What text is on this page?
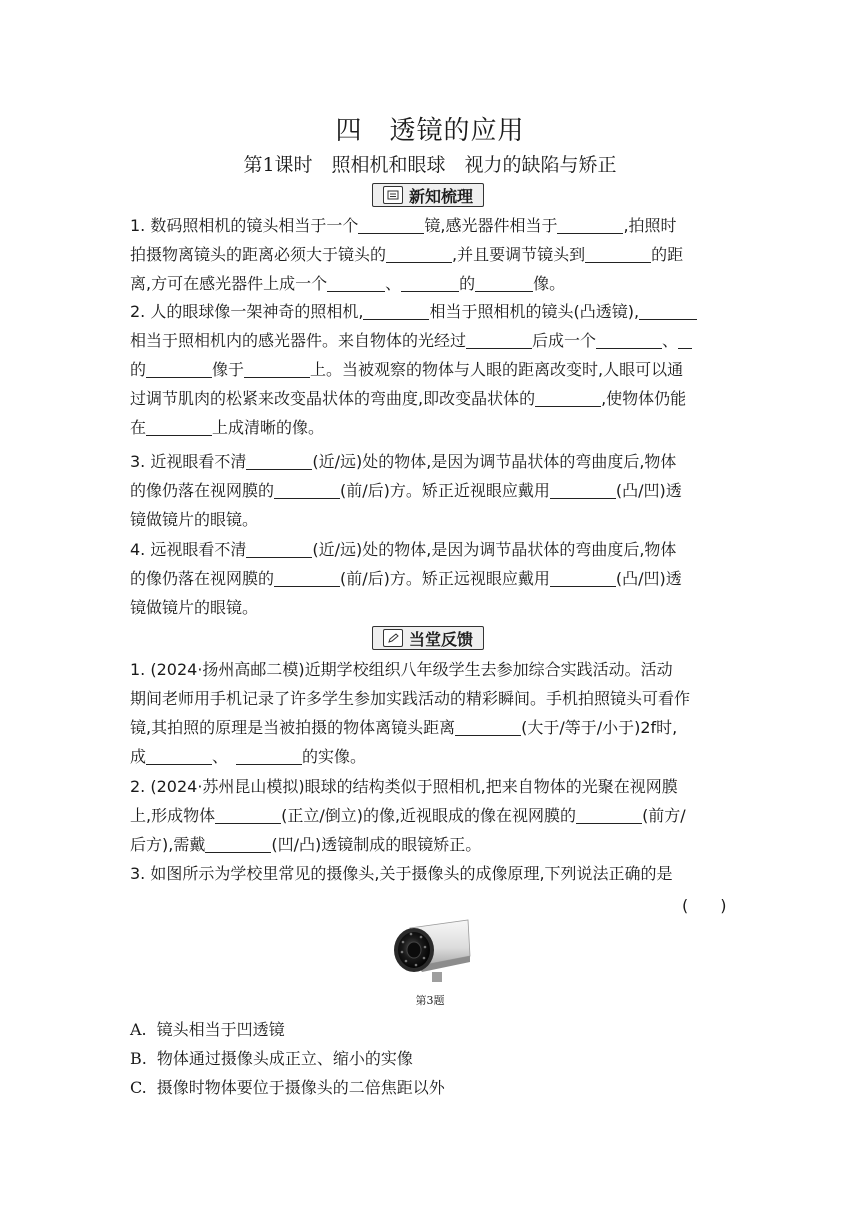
四　透镜的应用
第1课时　照相机和眼球　视力的缺陷与矫正
新知梳理
1. 数码照相机的镜头相当于一个	镜,感光器件相当于	,拍照时
拍摄物离镜头的距离必须大于镜头的	,并且要调节镜头到	的距
离,方可在感光器件上成一个	、	的	像。
2. 人的眼球像一架神奇的照相机,	相当于照相机的镜头(凸透镜),
相当于照相机内的感光器件。来自物体的光经过	后成一个	、
的	像于	上。当被观察的物体与人眼的距离改变时,人眼可以通
过调节肌肉的松紧来改变晶状体的弯曲度,即改变晶状体的	,使物体仍能
在	上成清晰的像。
3. 近视眼看不清	(近/远)处的物体,是因为调节晶状体的弯曲度后,物体
的像仍落在视网膜的	(前/后)方。矫正近视眼应戴用	(凸/凹)透
镜做镜片的眼镜。
4. 远视眼看不清	(近/远)处的物体,是因为调节晶状体的弯曲度后,物体
的像仍落在视网膜的	(前/后)方。矫正远视眼应戴用	(凸/凹)透
镜做镜片的眼镜。
当堂反馈
1. (2024·扬州高邮二模)近期学校组织八年级学生去参加综合实践活动。活动
期间老师用手机记录了许多学生参加实践活动的精彩瞬间。手机拍照镜头可看作
镜,其拍照的原理是当被拍摄的物体离镜头距离	(大于/等于/小于)2f时,
成	、　	的实像。
2. (2024·苏州昆山模拟)眼球的结构类似于照相机,把来自物体的光聚在视网膜
上,形成物体	(正立/倒立)的像,近视眼成的像在视网膜的	(前方/
后方),需戴	(凹/凸)透镜制成的眼镜矫正。
3. 如图所示为学校里常见的摄像头,关于摄像头的成像原理,下列说法正确的是
(　　)
第3题
A. 镜头相当于凹透镜
B. 物体通过摄像头成正立、缩小的实像
C. 摄像时物体要位于摄像头的二倍焦距以外
